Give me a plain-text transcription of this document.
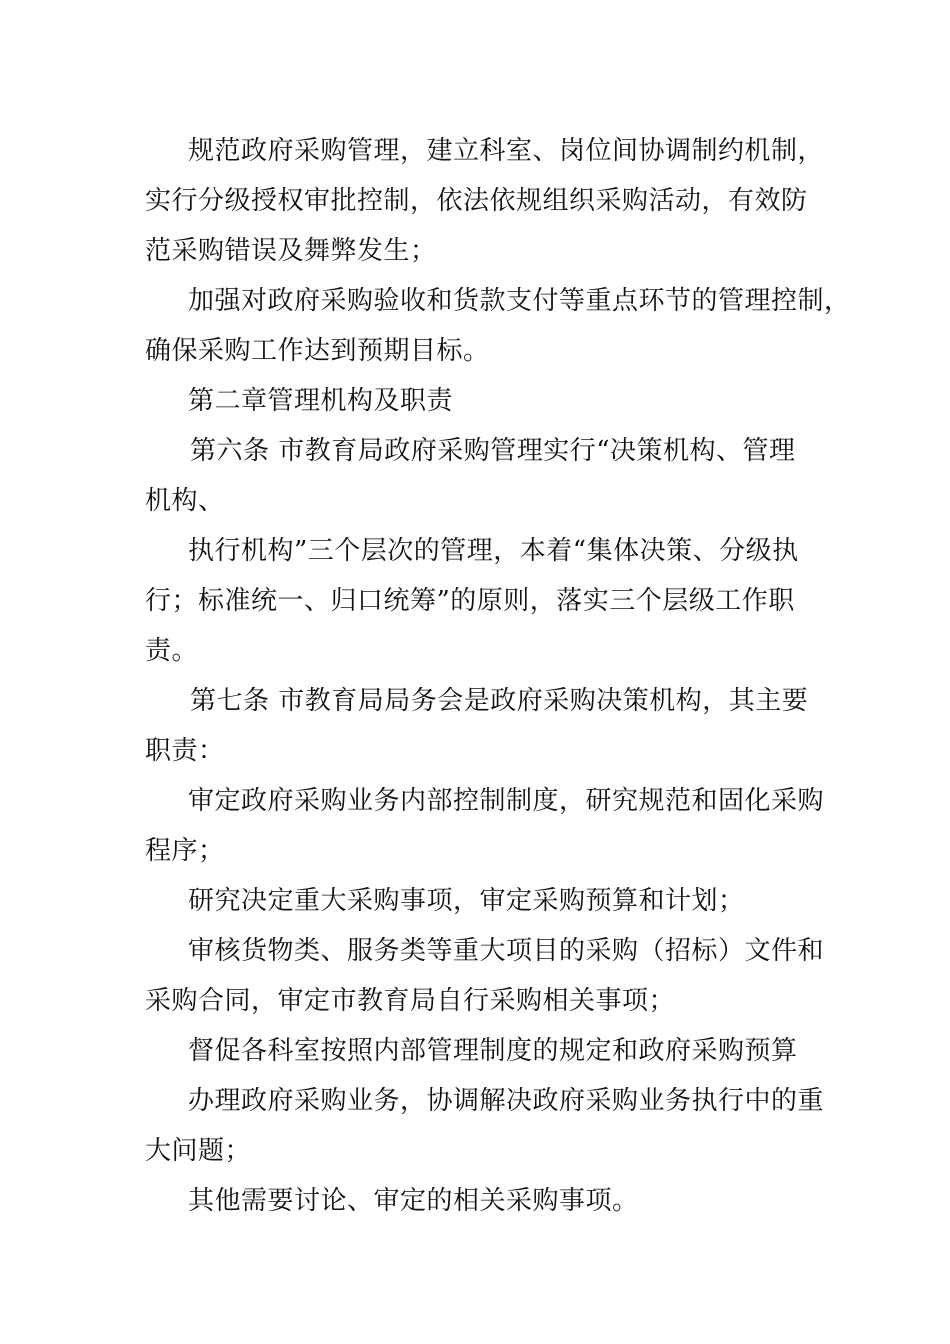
规范政府采购管理，建立科室、岗位间协调制约机制，
实行分级授权审批控制，依法依规组织采购活动，有效防
范采购错误及舞弊发生；
加强对政府采购验收和货款支付等重点环节的管理控制，
确保采购工作达到预期目标。
第二章管理机构及职责
第六条 市教育局政府采购管理实行“决策机构、管理
机构、
执行机构”三个层次的管理，本着“集体决策、分级执
行；标准统一、归口统筹”的原则，落实三个层级工作职
责。
第七条 市教育局局务会是政府采购决策机构，其主要
职责：
审定政府采购业务内部控制制度，研究规范和固化采购
程序；
研究决定重大采购事项，审定采购预算和计划；
审核货物类、服务类等重大项目的采购（招标）文件和
采购合同，审定市教育局自行采购相关事项；
督促各科室按照内部管理制度的规定和政府采购预算
办理政府采购业务，协调解决政府采购业务执行中的重
大问题；
其他需要讨论、审定的相关采购事项。
